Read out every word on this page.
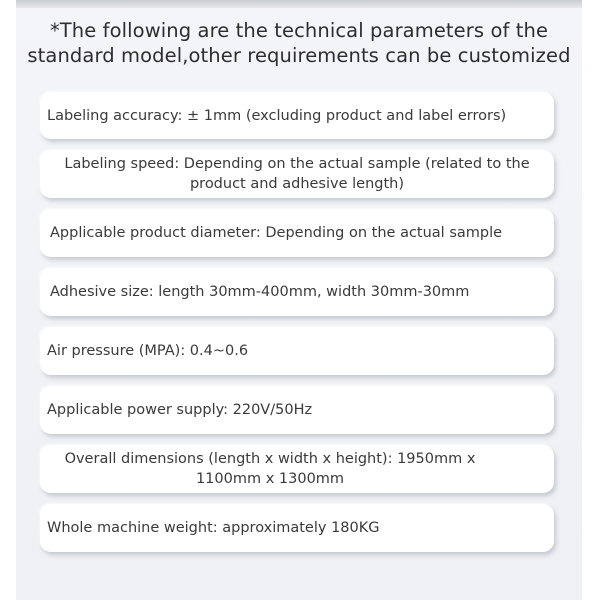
*The following are the technical parameters of the
standard model,other requirements can be customized
Labeling accuracy: ± 1mm (excluding product and label errors)
Labeling speed: Depending on the actual sample (related to the product and adhesive length)
Applicable product diameter: Depending on the actual sample
Adhesive size: length 30mm-400mm, width 30mm-30mm
Air pressure (MPA): 0.4~0.6
Applicable power supply: 220V/50Hz
Overall dimensions (length x width x height): 1950mm x 1100mm x 1300mm
Whole machine weight: approximately 180KG
